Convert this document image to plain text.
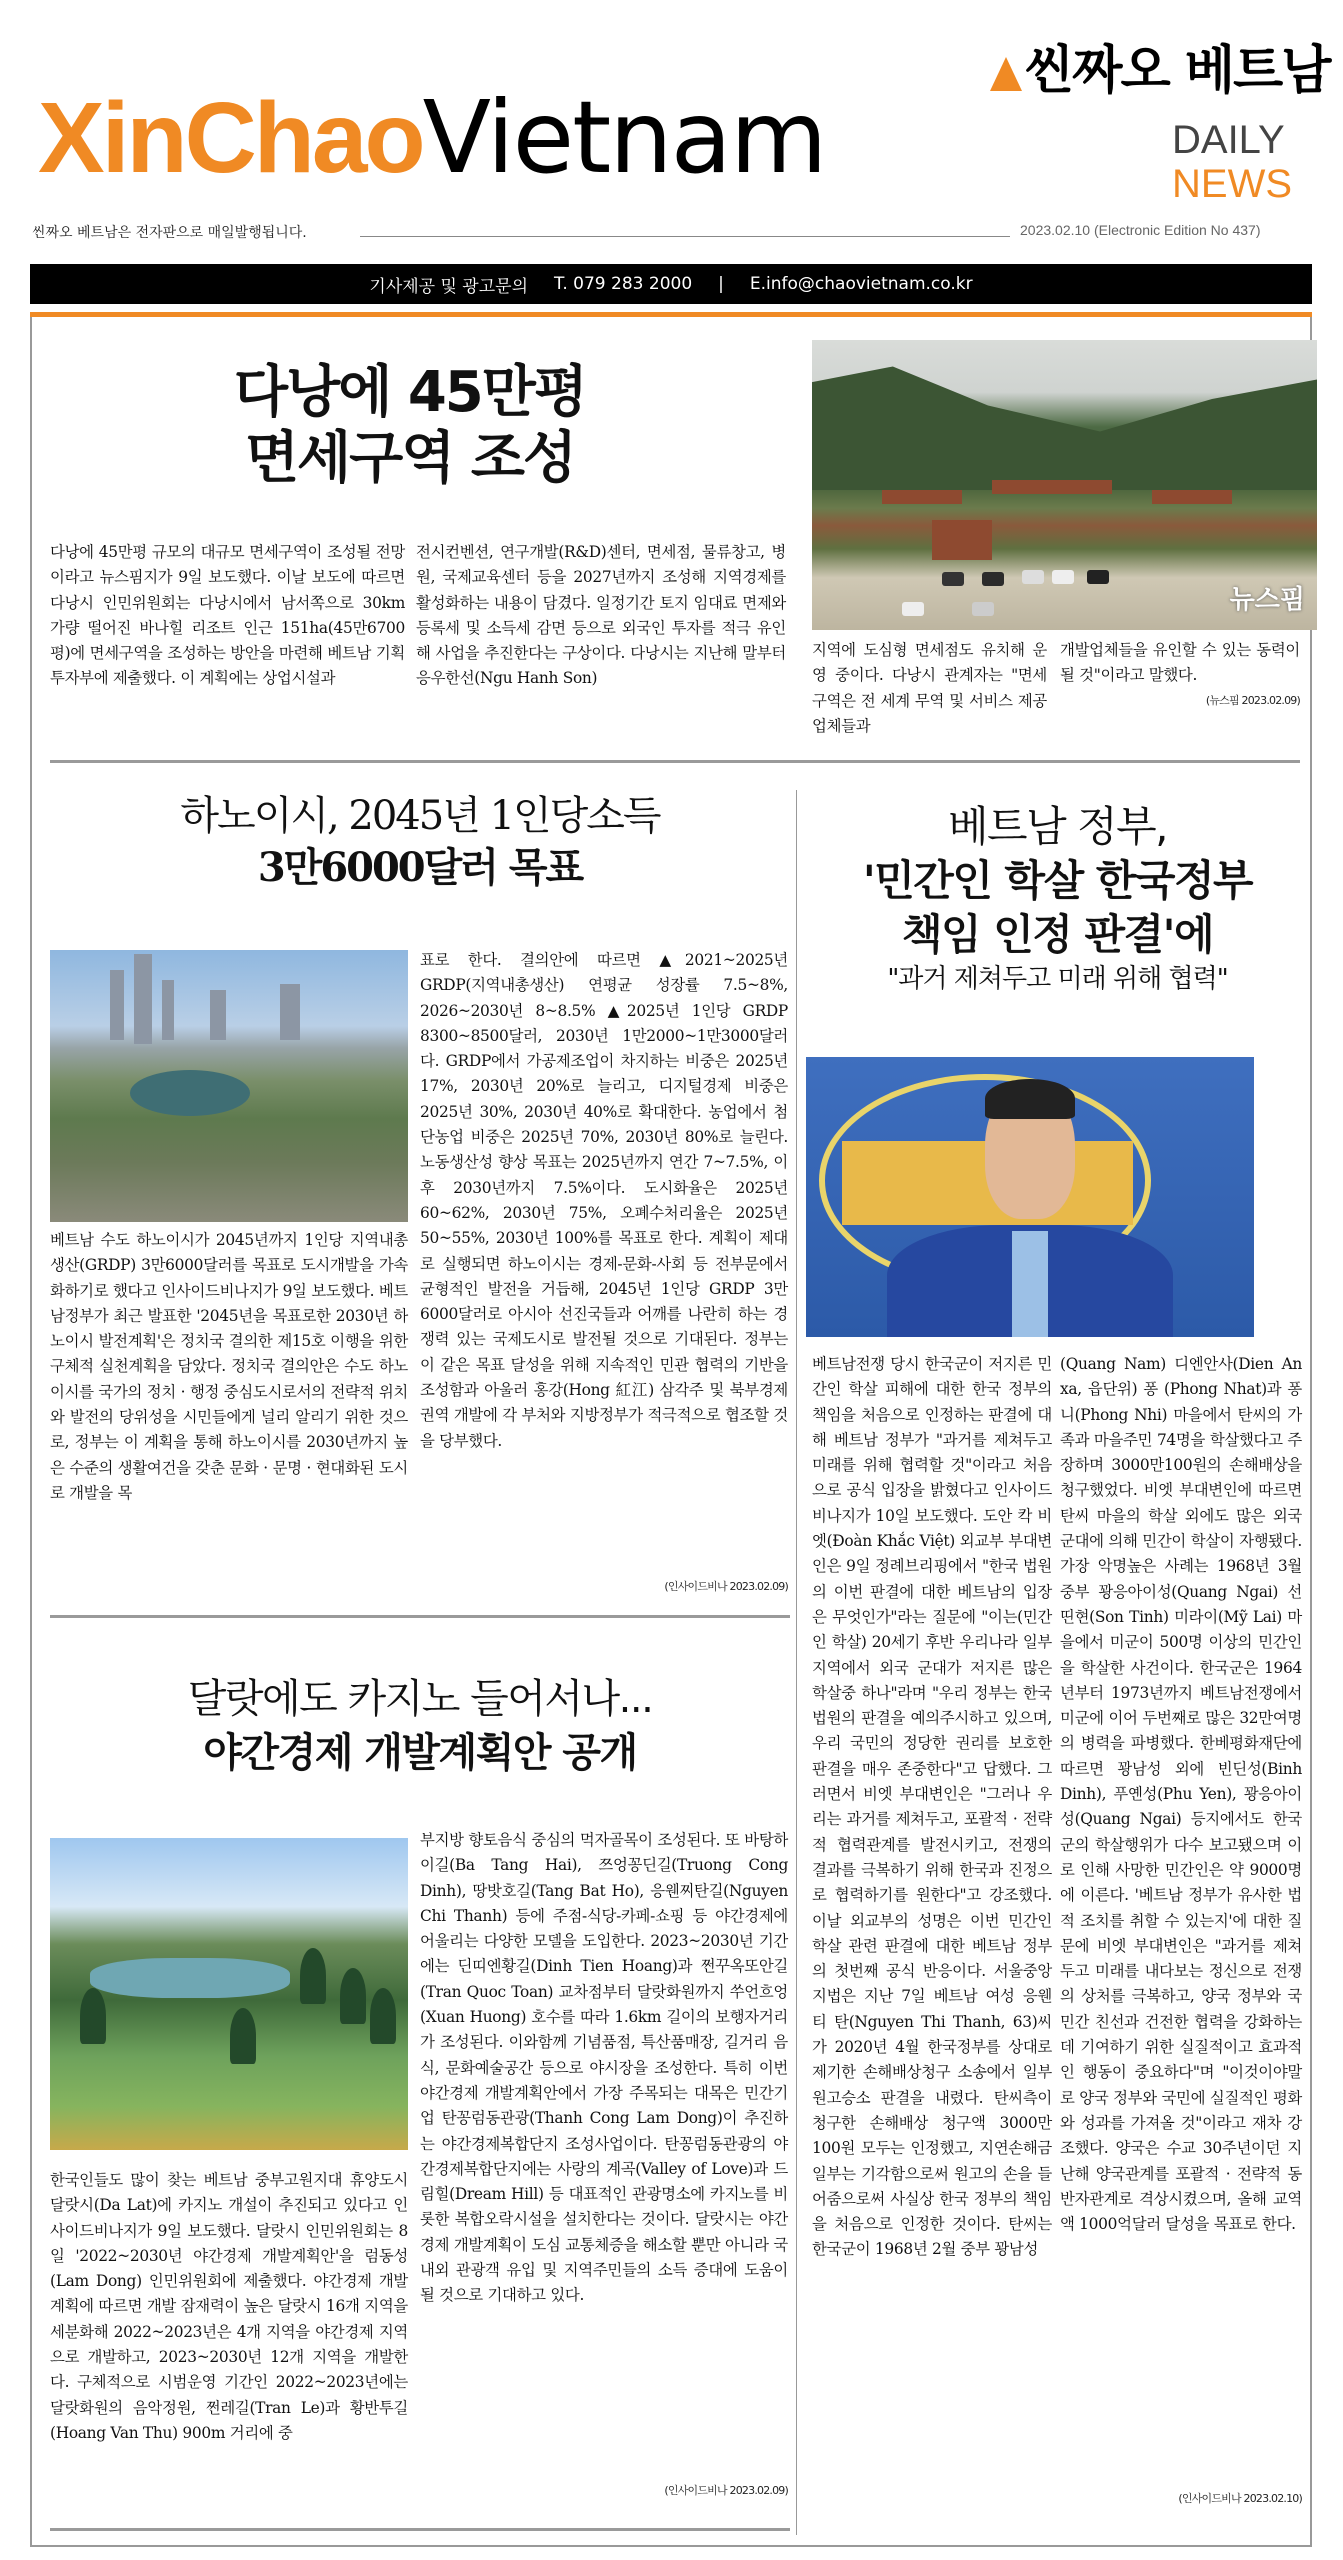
씬짜오 베트남
XinChaoVietnam	DAILY
NEWS
씬짜오 베트남은 전자판으로 매일발행됩니다.	2023.02.10 (Electronic Edition No 437)
기사제공 및 광고문의 T. 079 283 2000 | E.info@chaovietnam.co.kr
다낭에 45만평
면세구역 조성
다낭에 45만평 규모의 대규모 면세구역이 조성될 전망이라고 뉴스핌지가 9일 보도했다. 이날 보도에 따르면 다낭시 인민위원회는 다낭시에서 남서쪽으로 30km 가량 떨어진 바나힐 리조트 인근 151ha(45만6700평)에 면세구역을 조성하는 방안을 마련해 베트남 기획투자부에 제출했다. 이 계획에는 상업시설과
전시컨벤션, 연구개발(R&D)센터, 면세점, 물류창고, 병원, 국제교육센터 등을 2027년까지 조성해 지역경제를 활성화하는 내용이 담겼다. 일정기간 토지 임대료 면제와 등록세 및 소득세 감면 등으로 외국인 투자를 적극 유인해 사업을 추진한다는 구상이다. 다낭시는 지난해 말부터 응우한선(Ngu Hanh Son)
뉴스핌
지역에 도심형 면세점도 유치해 운영 중이다. 다낭시 관계자는 "면세 구역은 전 세계 무역 및 서비스 제공업체들과
개발업체들을 유인할 수 있는 동력이 될 것"이라고 말했다.
(뉴스핌 2023.02.09)
하노이시, 2045년 1인당소득
3만6000달러 목표
베트남 수도 하노이시가 2045년까지 1인당 지역내총생산(GRDP) 3만6000달러를 목표로 도시개발을 가속화하기로 했다고 인사이드비나지가 9일 보도했다. 베트남정부가 최근 발표한 '2045년을 목표로한 2030년 하노이시 발전계획'은 정치국 결의한 제15호 이행을 위한 구체적 실천계획을 담았다. 정치국 결의안은 수도 하노이시를 국가의 정치 · 행정 중심도시로서의 전략적 위치와 발전의 당위성을 시민들에게 널리 알리기 위한 것으로, 정부는 이 계획을 통해 하노이시를 2030년까지 높은 수준의 생활여건을 갖춘 문화 · 문명 · 현대화된 도시로 개발을 목
표로 한다. 결의안에 따르면 ▲2021~2025년 GRDP(지역내총생산) 연평균 성장률 7.5~8%, 2026~2030년 8~8.5% ▲2025년 1인당 GRDP 8300~8500달러, 2030년 1만2000~1만3000달러다. GRDP에서 가공제조업이 차지하는 비중은 2025년 17%, 2030년 20%로 늘리고, 디지털경제 비중은 2025년 30%, 2030년 40%로 확대한다. 농업에서 첨단농업 비중은 2025년 70%, 2030년 80%로 늘린다. 노동생산성 향상 목표는 2025년까지 연간 7~7.5%, 이후 2030년까지 7.5%이다. 도시화율은 2025년 60~62%, 2030년 75%, 오폐수처리율은 2025년 50~55%, 2030년 100%를 목표로 한다. 계획이 제대로 실행되면 하노이시는 경제-문화-사회 등 전부문에서 균형적인 발전을 거듭해, 2045년 1인당 GRDP 3만6000달러로 아시아 선진국들과 어깨를 나란히 하는 경쟁력 있는 국제도시로 발전될 것으로 기대된다. 정부는 이 같은 목표 달성을 위해 지속적인 민관 협력의 기반을 조성함과 아울러 홍강(Hong 紅江) 삼각주 및 북부경제권역 개발에 각 부처와 지방정부가 적극적으로 협조할 것을 당부했다.
(인사이드비나 2023.02.09)
달랏에도 카지노 들어서나...
야간경제 개발계획안 공개
한국인들도 많이 찾는 베트남 중부고원지대 휴양도시 달랏시(Da Lat)에 카지노 개설이 추진되고 있다고 인사이드비나지가 9일 보도했다. 달랏시 인민위원회는 8일 '2022~2030년 야간경제 개발계획안'을 럼동성(Lam Dong) 인민위원회에 제출했다. 야간경제 개발계획에 따르면 개발 잠재력이 높은 달랏시 16개 지역을 세분화해 2022~2023년은 4개 지역을 야간경제 지역으로 개발하고, 2023~2030년 12개 지역을 개발한다. 구체적으로 시범운영 기간인 2022~2023년에는 달랏화원의 음악정원, 쩐레길(Tran Le)과 황반투길(Hoang Van Thu) 900m 거리에 중
부지방 향토음식 중심의 먹자골목이 조성된다. 또 바탕하이길(Ba Tang Hai), 쯔엉꽁딘길(Truong Cong Dinh), 땅밧호길(Tang Bat Ho), 응웬찌탄길(Nguyen Chi Thanh) 등에 주점-식당-카페-쇼핑 등 야간경제에 어울리는 다양한 모델을 도입한다. 2023~2030년 기간에는 딘띠엔황길(Dinh Tien Hoang)과 쩐꾸옥또안길(Tran Quoc Toan) 교차점부터 달랏화원까지 쑤언흐엉(Xuan Huong) 호수를 따라 1.6km 길이의 보행자거리가 조성된다. 이와함께 기념품점, 특산품매장, 길거리 음식, 문화예술공간 등으로 야시장을 조성한다. 특히 이번 야간경제 개발계획안에서 가장 주목되는 대목은 민간기업 탄꽁럼동관광(Thanh Cong Lam Dong)이 추진하는 야간경제복합단지 조성사업이다. 탄꽁럼동관광의 야간경제복합단지에는 사랑의 계곡(Valley of Love)과 드림힐(Dream Hill) 등 대표적인 관광명소에 카지노를 비롯한 복합오락시설을 설치한다는 것이다. 달랏시는 야간경제 개발계획이 도심 교통체증을 해소할 뿐만 아니라 국내외 관광객 유입 및 지역주민들의 소득 증대에 도움이 될 것으로 기대하고 있다.
(인사이드비나 2023.02.09)
베트남 정부,
'민간인 학살 한국정부
책임 인정 판결'에
"과거 제쳐두고 미래 위해 협력"
베트남전쟁 당시 한국군이 저지른 민간인 학살 피해에 대한 한국 정부의 책임을 처음으로 인정하는 판결에 대해 베트남 정부가 "과거를 제쳐두고 미래를 위해 협력할 것"이라고 처음으로 공식 입장을 밝혔다고 인사이드비나지가 10일 보도했다. 도안 칵 비엣(Đoàn Khắc Việt) 외교부 부대변인은 9일 정례브리핑에서 "한국 법원의 이번 판결에 대한 베트남의 입장은 무엇인가"라는 질문에 "이는(민간인 학살) 20세기 후반 우리나라 일부 지역에서 외국 군대가 저지른 많은 학살중 하나"라며 "우리 정부는 한국 법원의 판결을 예의주시하고 있으며, 우리 국민의 정당한 권리를 보호한 판결을 매우 존중한다"고 답했다. 그러면서 비엣 부대변인은 "그러나 우리는 과거를 제쳐두고, 포괄적 · 전략적 협력관계를 발전시키고, 전쟁의 결과를 극복하기 위해 한국과 진정으로 협력하기를 원한다"고 강조했다. 이날 외교부의 성명은 이번 민간인 학살 관련 판결에 대한 베트남 정부의 첫번째 공식 반응이다. 서울중앙지법은 지난 7일 베트남 여성 응웬 티 탄(Nguyen Thi Thanh, 63)씨가 2020년 4월 한국정부를 상대로 제기한 손해배상청구 소송에서 일부 원고승소 판결을 내렸다. 탄씨측이 청구한 손해배상 청구액 3000만100원 모두는 인정했고, 지연손해금 일부는 기각함으로써 원고의 손을 들어줌으로써 사실상 한국 정부의 책임을 처음으로 인정한 것이다. 탄씨는 한국군이 1968년 2월 중부 꽝남성
(Quang Nam) 디엔안사(Dien An xa, 읍단위) 퐁 (Phong Nhat)과 퐁니(Phong Nhi) 마을에서 탄씨의 가족과 마을주민 74명을 학살했다고 주장하며 3000만100원의 손해배상을 청구했었다. 비엣 부대변인에 따르면 탄씨 마을의 학살 외에도 많은 외국 군대에 의해 민간이 학살이 자행됐다. 가장 악명높은 사례는 1968년 3월 중부 꽝응아이성(Quang Ngai) 선띤현(Son Tinh) 미라이(Mỹ Lai) 마을에서 미군이 500명 이상의 민간인을 학살한 사건이다. 한국군은 1964년부터 1973년까지 베트남전쟁에서 미군에 이어 두번째로 많은 32만여명의 병력을 파병했다. 한베평화재단에 따르면 꽝남성 외에 빈딘성(Binh Dinh), 푸옌성(Phu Yen), 꽝응아이성(Quang Ngai) 등지에서도 한국군의 학살행위가 다수 보고됐으며 이로 인해 사망한 민간인은 약 9000명에 이른다. '베트남 정부가 유사한 법적 조치를 취할 수 있는지'에 대한 질문에 비엣 부대변인은 "과거를 제쳐두고 미래를 내다보는 정신으로 전쟁의 상처를 극복하고, 양국 정부와 국민간 친선과 건전한 협력을 강화하는데 기여하기 위한 실질적이고 효과적인 행동이 중요하다"며 "이것이야말로 양국 정부와 국민에 실질적인 평화와 성과를 가져올 것"이라고 재차 강조했다. 양국은 수교 30주년이던 지난해 양국관계를 포괄적 · 전략적 동반자관계로 격상시켰으며, 올해 교역액 1000억달러 달성을 목표로 한다.
(인사이드비나 2023.02.10)
